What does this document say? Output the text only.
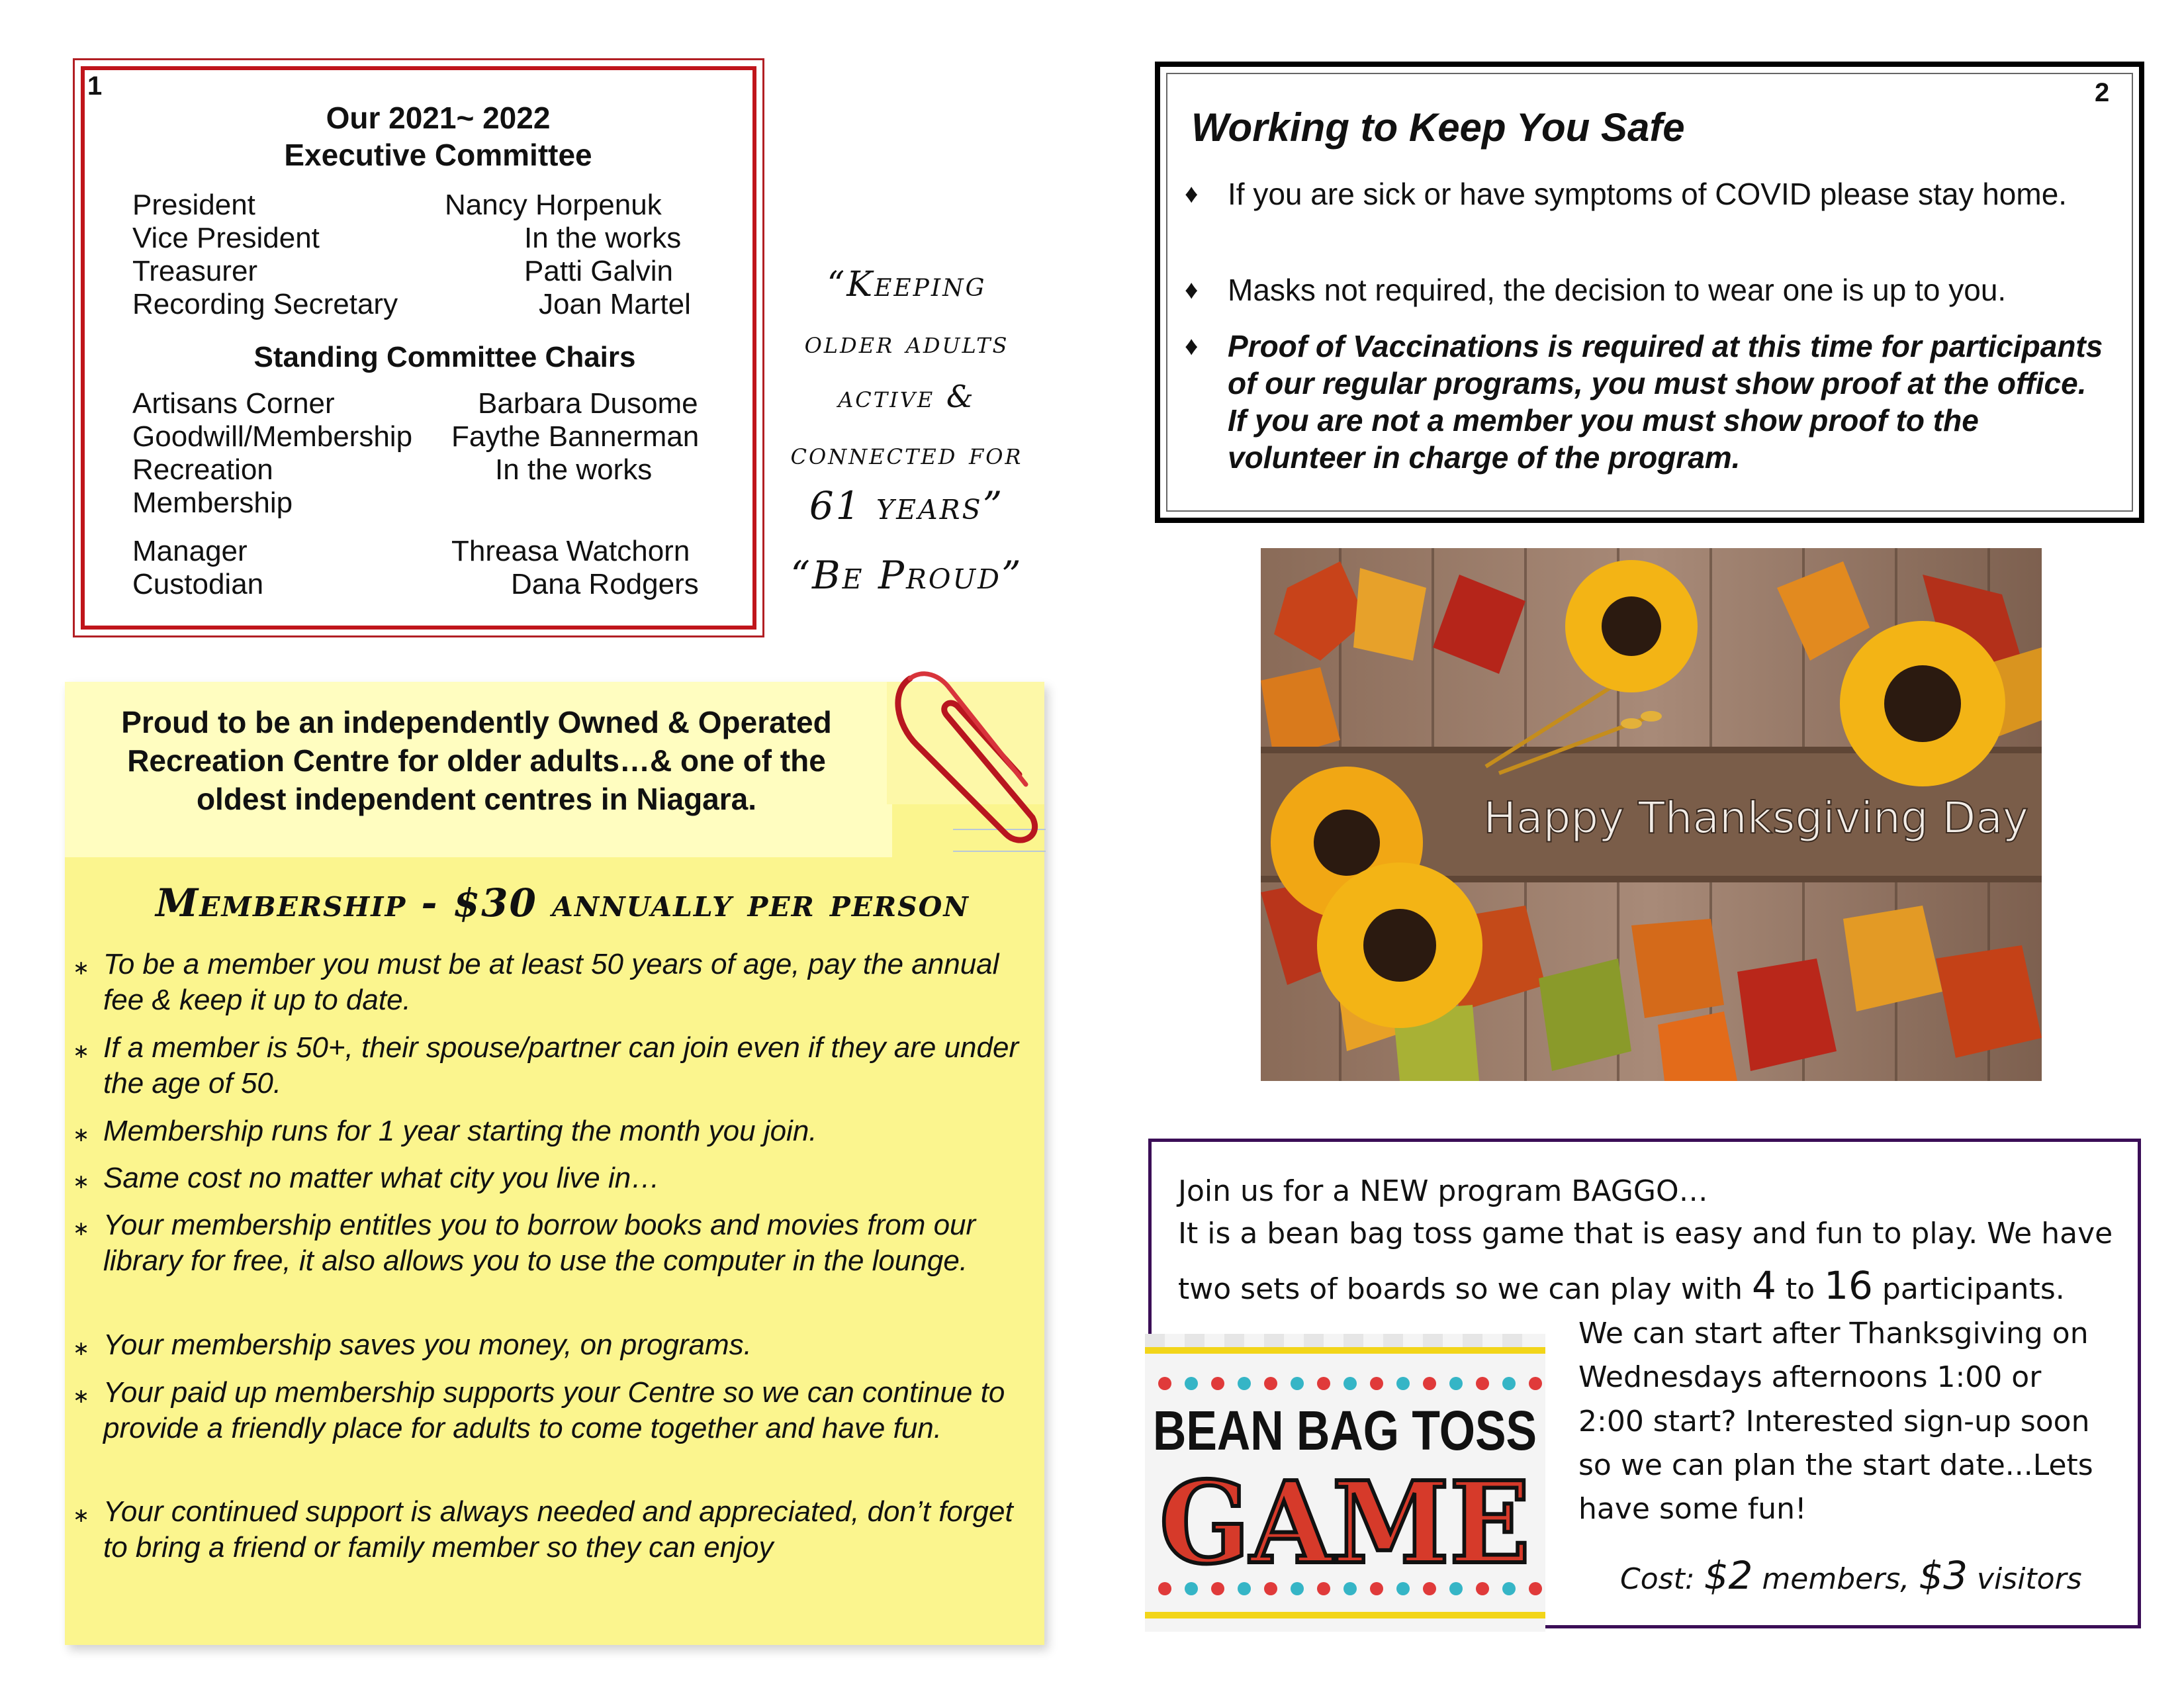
1
Our 2021~ 2022
Executive Committee
President	Nancy Horpenuk
Vice President	In the works
Treasurer	Patti Galvin
Recording Secretary	Joan Martel
Standing Committee Chairs
Artisans Corner	Barbara Dusome
Goodwill/Membership Faythe Bannerman
Recreation	In the works
Membership
Manager	Threasa Watchorn
Custodian	Dana Rodgers
“Keeping
older adults
active &
connected for
61 years”
“Be Proud”
Proud to be an independently Owned & Operated
Recreation Centre for older adults…& one of the
oldest independent centres in Niagara.
Membership - $30 annually per person
∗ To be a member you must be at least 50 years of age, pay the annual fee & keep it up to date.
∗ If a member is 50+, their spouse/partner can join even if they are under the age of 50.
∗ Membership runs for 1 year starting the month you join.
∗ Same cost no matter what city you live in…
∗ Your membership entitles you to borrow books and movies from our library for free, it also allows you to use the computer in the lounge.
∗ Your membership saves you money, on programs.
∗ Your paid up membership supports your Centre so we can continue to provide a friendly place for adults to come together and have fun.
∗ Your continued support is always needed and appreciated, don’t forget to bring a friend or family member so they can enjoy
2
Working to Keep You Safe
♦ If you are sick or have symptoms of COVID please stay home.
♦ Masks not required, the decision to wear one is up to you.
♦ Proof of Vaccinations is required at this time for participants of our regular programs, you must show proof at the office. If you are not a member you must show proof to the volunteer in charge of the program.
Happy Thanksgiving Day
Join us for a NEW program BAGGO…
It is a bean bag toss game that is easy and fun to play. We have
two sets of boards so we can play with 4 to 16 participants.
We can start after Thanksgiving on
Wednesdays afternoons 1:00 or
2:00 start? Interested sign-up soon
so we can plan the start date...Lets
have some fun!
Cost: $2 members, $3 visitors
BEAN BAG TOSS
GAME
